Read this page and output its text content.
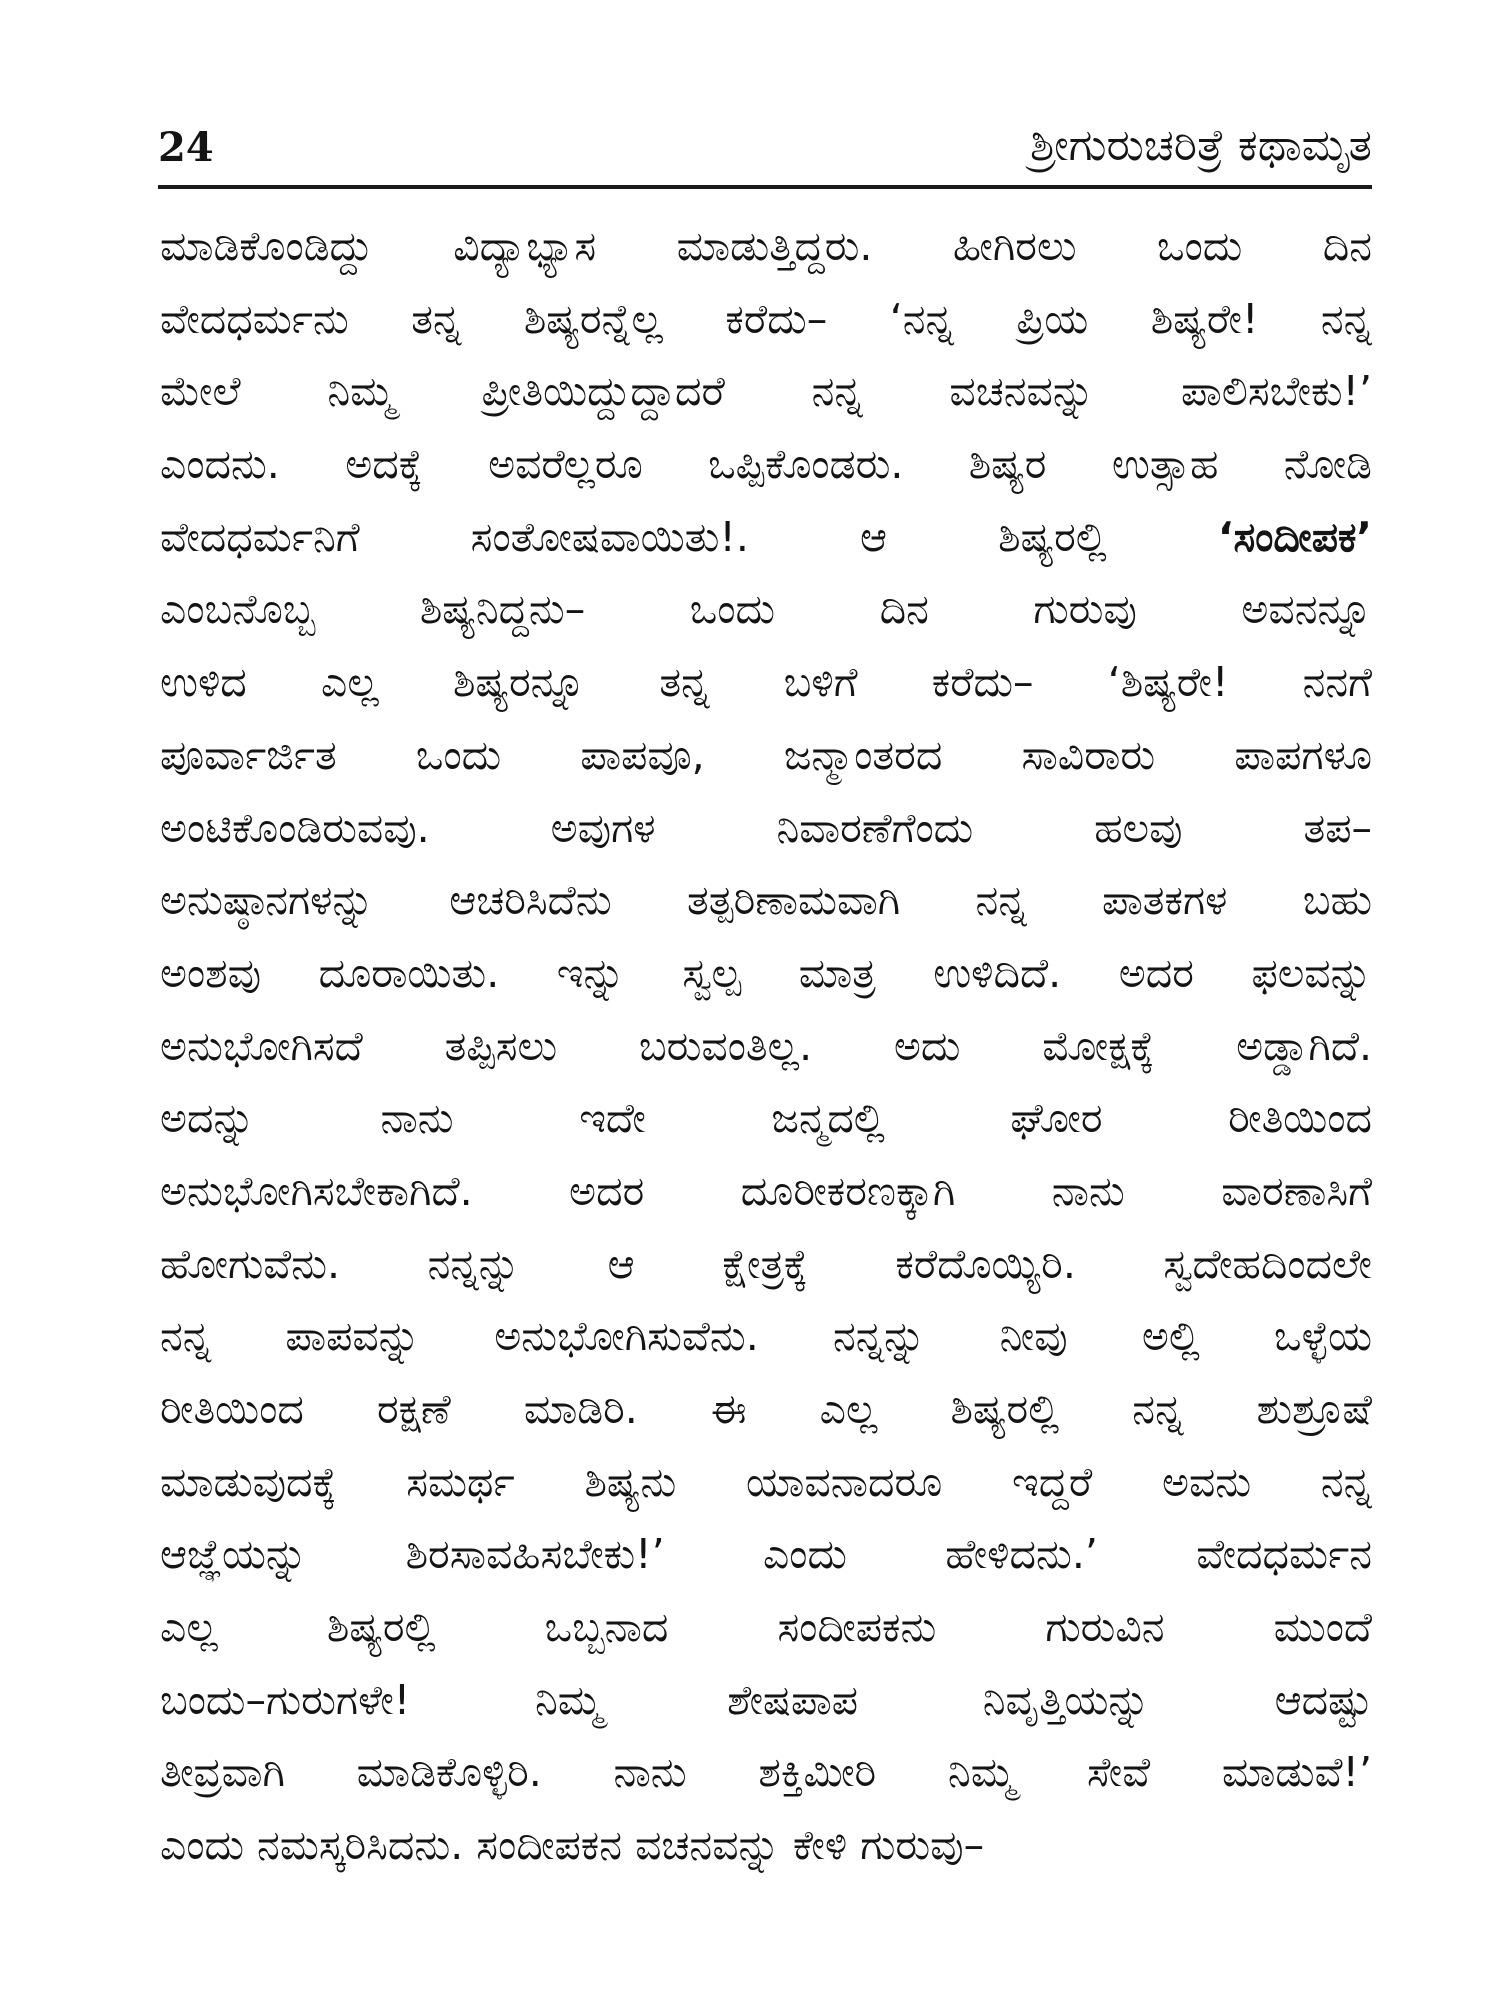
24	ಶ್ರೀಗುರುಚರಿತ್ರೆ ಕಥಾಮೃತ
ಮಾಡಿಕೊಂಡಿದ್ದು ವಿದ್ಯಾಭ್ಯಾಸ ಮಾಡುತ್ತಿದ್ದರು. ಹೀಗಿರಲು ಒಂದು ದಿನ
ವೇದಧರ್ಮನು ತನ್ನ ಶಿಷ್ಯರನ್ನೆಲ್ಲ ಕರೆದು– ‘ನನ್ನ ಪ್ರಿಯ ಶಿಷ್ಯರೇ! ನನ್ನ
ಮೇಲೆ ನಿಮ್ಮ ಪ್ರೀತಿಯಿದ್ದುದ್ದಾದರೆ ನನ್ನ ವಚನವನ್ನು ಪಾಲಿಸಬೇಕು!’
ಎಂದನು. ಅದಕ್ಕೆ ಅವರೆಲ್ಲರೂ ಒಪ್ಪಿಕೊಂಡರು. ಶಿಷ್ಯರ ಉತ್ಸಾಹ ನೋಡಿ
ವೇದಧರ್ಮನಿಗೆ ಸಂತೋಷವಾಯಿತು!. ಆ ಶಿಷ್ಯರಲ್ಲಿ	‘ಸಂದೀಪಕ’
ಎಂಬನೊಬ್ಬ ಶಿಷ್ಯನಿದ್ದನು– ಒಂದು ದಿನ ಗುರುವು ಅವನನ್ನೂ
ಉಳಿದ ಎಲ್ಲ ಶಿಷ್ಯರನ್ನೂ ತನ್ನ ಬಳಿಗೆ ಕರೆದು– ‘ಶಿಷ್ಯರೇ! ನನಗೆ
ಪೂರ್ವಾರ್ಜಿತ ಒಂದು ಪಾಪವೂ, ಜನ್ಮಾಂತರದ ಸಾವಿರಾರು ಪಾಪಗಳೂ
ಅಂಟಿಕೊಂಡಿರುವವು. ಅವುಗಳ ನಿವಾರಣೆಗೆಂದು ಹಲವು ತಪ–
ಅನುಷ್ಠಾನಗಳನ್ನು ಆಚರಿಸಿದೆನು ತತ್ಪರಿಣಾಮವಾಗಿ ನನ್ನ ಪಾತಕಗಳ ಬಹು
ಅಂಶವು ದೂರಾಯಿತು. ಇನ್ನು ಸ್ವಲ್ಪ ಮಾತ್ರ ಉಳಿದಿದೆ. ಅದರ ಫಲವನ್ನು
ಅನುಭೋಗಿಸದೆ ತಪ್ಪಿಸಲು ಬರುವಂತಿಲ್ಲ. ಅದು ಮೋಕ್ಷಕ್ಕೆ ಅಡ್ಡಾಗಿದೆ.
ಅದನ್ನು ನಾನು ಇದೇ ಜನ್ಮದಲ್ಲಿ ಘೋರ ರೀತಿಯಿಂದ
ಅನುಭೋಗಿಸಬೇಕಾಗಿದೆ. ಅದರ ದೂರೀಕರಣಕ್ಕಾಗಿ ನಾನು ವಾರಣಾಸಿಗೆ
ಹೋಗುವೆನು. ನನ್ನನ್ನು ಆ ಕ್ಷೇತ್ರಕ್ಕೆ ಕರೆದೊಯ್ಯಿರಿ. ಸ್ವದೇಹದಿಂದಲೇ
ನನ್ನ ಪಾಪವನ್ನು ಅನುಭೋಗಿಸುವೆನು. ನನ್ನನ್ನು ನೀವು ಅಲ್ಲಿ ಒಳ್ಳೆಯ
ರೀತಿಯಿಂದ ರಕ್ಷಣೆ ಮಾಡಿರಿ. ಈ ಎಲ್ಲ ಶಿಷ್ಯರಲ್ಲಿ ನನ್ನ ಶುಶ್ರೂಷೆ
ಮಾಡುವುದಕ್ಕೆ ಸಮರ್ಥ ಶಿಷ್ಯನು ಯಾವನಾದರೂ ಇದ್ದರೆ ಅವನು ನನ್ನ
ಆಜ್ಞೆಯನ್ನು ಶಿರಸಾವಹಿಸಬೇಕು!’ ಎಂದು ಹೇಳಿದನು.’ ವೇದಧರ್ಮನ
ಎಲ್ಲ ಶಿಷ್ಯರಲ್ಲಿ ಒಬ್ಬನಾದ ಸಂದೀಪಕನು ಗುರುವಿನ ಮುಂದೆ
ಬಂದು–ಗುರುಗಳೇ! ನಿಮ್ಮ ಶೇಷಪಾಪ ನಿವೃತ್ತಿಯನ್ನು ಆದಷ್ಟು
ತೀವ್ರವಾಗಿ ಮಾಡಿಕೊಳ್ಳಿರಿ. ನಾನು ಶಕ್ತಿಮೀರಿ ನಿಮ್ಮ ಸೇವೆ ಮಾಡುವೆ!’
ಎಂದು ನಮಸ್ಕರಿಸಿದನು. ಸಂದೀಪಕನ ವಚನವನ್ನು ಕೇಳಿ ಗುರುವು–
